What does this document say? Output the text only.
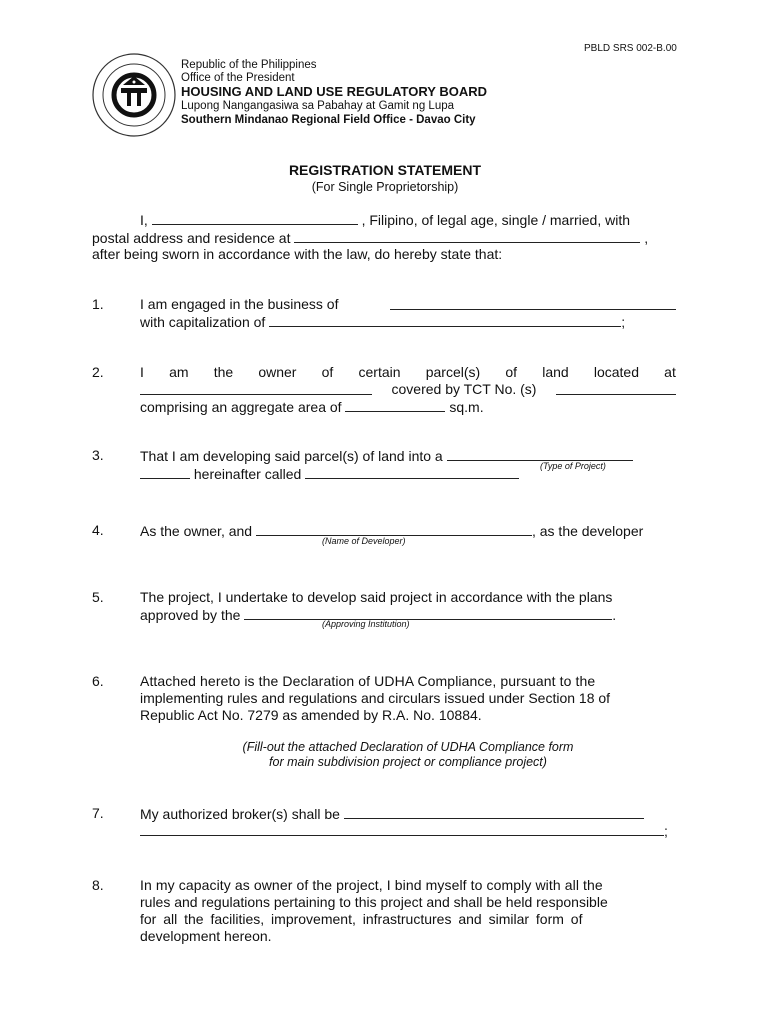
PBLD SRS 002-B.00
Republic of the Philippines
Office of the President
HOUSING AND LAND USE REGULATORY BOARD
Lupong Nangangasiwa sa Pabahay at Gamit ng Lupa
Southern Mindanao Regional Field Office - Davao City
REGISTRATION STATEMENT
(For Single Proprietorship)
I,	, Filipino, of legal age, single / married, with
postal address and residence at	,
after being sworn in accordance with the law, do hereby state that:
1.	I am engaged in the business of
with capitalization of	;
2.	I am the owner of certain parcel(s) of land located at
covered by TCT No. (s)
comprising an aggregate area of	sq.m.
3.	That I am developing said parcel(s) of land into a
(Type of Project)
hereinafter called
4.	As the owner, and	, as the developer
(Name of Developer)
5.	The project, I undertake to develop said project in accordance with the plans
approved by the	.
(Approving Institution)
6.	Attached hereto is the Declaration of UDHA Compliance, pursuant to the
implementing rules and regulations and circulars issued under Section 18 of
Republic Act No. 7279 as amended by R.A. No. 10884.
(Fill-out the attached Declaration of UDHA Compliance form
for main subdivision project or compliance project)
7.	My authorized broker(s) shall be
;
8.	In my capacity as owner of the project, I bind myself to comply with all the
rules and regulations pertaining to this project and shall be held responsible
for all the facilities, improvement, infrastructures and similar form of
development hereon.
